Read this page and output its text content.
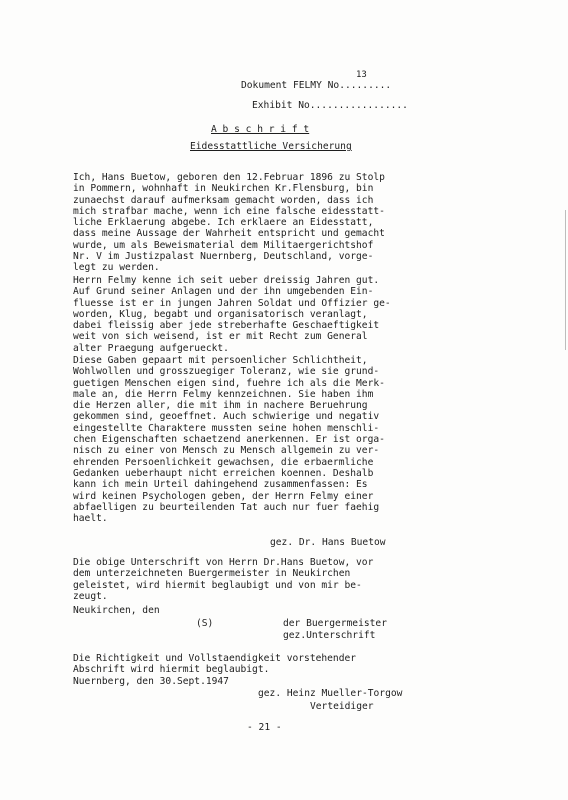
Dokument FELMY No.........
13
Exhibit No.................
A b s c h r i f t
Eidesstattliche Versicherung
Ich, Hans Buetow, geboren den 12.Februar 1896 zu Stolp
in Pommern, wohnhaft in Neukirchen Kr.Flensburg, bin
zunaechst darauf aufmerksam gemacht worden, dass ich
mich strafbar mache, wenn ich eine falsche eidesstatt-
liche Erklaerung abgebe. Ich erklaere an Eidesstatt,
dass meine Aussage der Wahrheit entspricht und gemacht
wurde, um als Beweismaterial dem Militaergerichtshof
Nr. V im Justizpalast Nuernberg, Deutschland, vorge-
legt zu werden.
Herrn Felmy kenne ich seit ueber dreissig Jahren gut.
Auf Grund seiner Anlagen und der ihn umgebenden Ein-
fluesse ist er in jungen Jahren Soldat und Offizier ge-
worden, Klug, begabt und organisatorisch veranlagt,
dabei fleissig aber jede streberhafte Geschaeftigkeit
weit von sich weisend, ist er mit Recht zum General
alter Praegung aufgerueckt.
Diese Gaben gepaart mit persoenlicher Schlichtheit,
Wohlwollen und grosszuegiger Toleranz, wie sie grund-
guetigen Menschen eigen sind, fuehre ich als die Merk-
male an, die Herrn Felmy kennzeichnen. Sie haben ihm
die Herzen aller, die mit ihm in nachere Beruehrung
gekommen sind, geoeffnet. Auch schwierige und negativ
eingestellte Charaktere mussten seine hohen menschli-
chen Eigenschaften schaetzend anerkennen. Er ist orga-
nisch zu einer von Mensch zu Mensch allgemein zu ver-
ehrenden Persoenlichkeit gewachsen, die erbaermliche
Gedanken ueberhaupt nicht erreichen koennen. Deshalb
kann ich mein Urteil dahingehend zusammenfassen: Es
wird keinen Psychologen geben, der Herrn Felmy einer
abfaelligen zu beurteilenden Tat auch nur fuer faehig
haelt.
gez. Dr. Hans Buetow
Die obige Unterschrift von Herrn Dr.Hans Buetow, vor
dem unterzeichneten Buergermeister in Neukirchen
geleistet, wird hiermit beglaubigt und von mir be-
zeugt.
Neukirchen, den
(S)	der Buergermeister
gez.Unterschrift
Die Richtigkeit und Vollstaendigkeit vorstehender
Abschrift wird hiermit beglaubigt.
Nuernberg, den 30.Sept.1947
gez. Heinz Mueller-Torgow
Verteidiger
- 21 -
